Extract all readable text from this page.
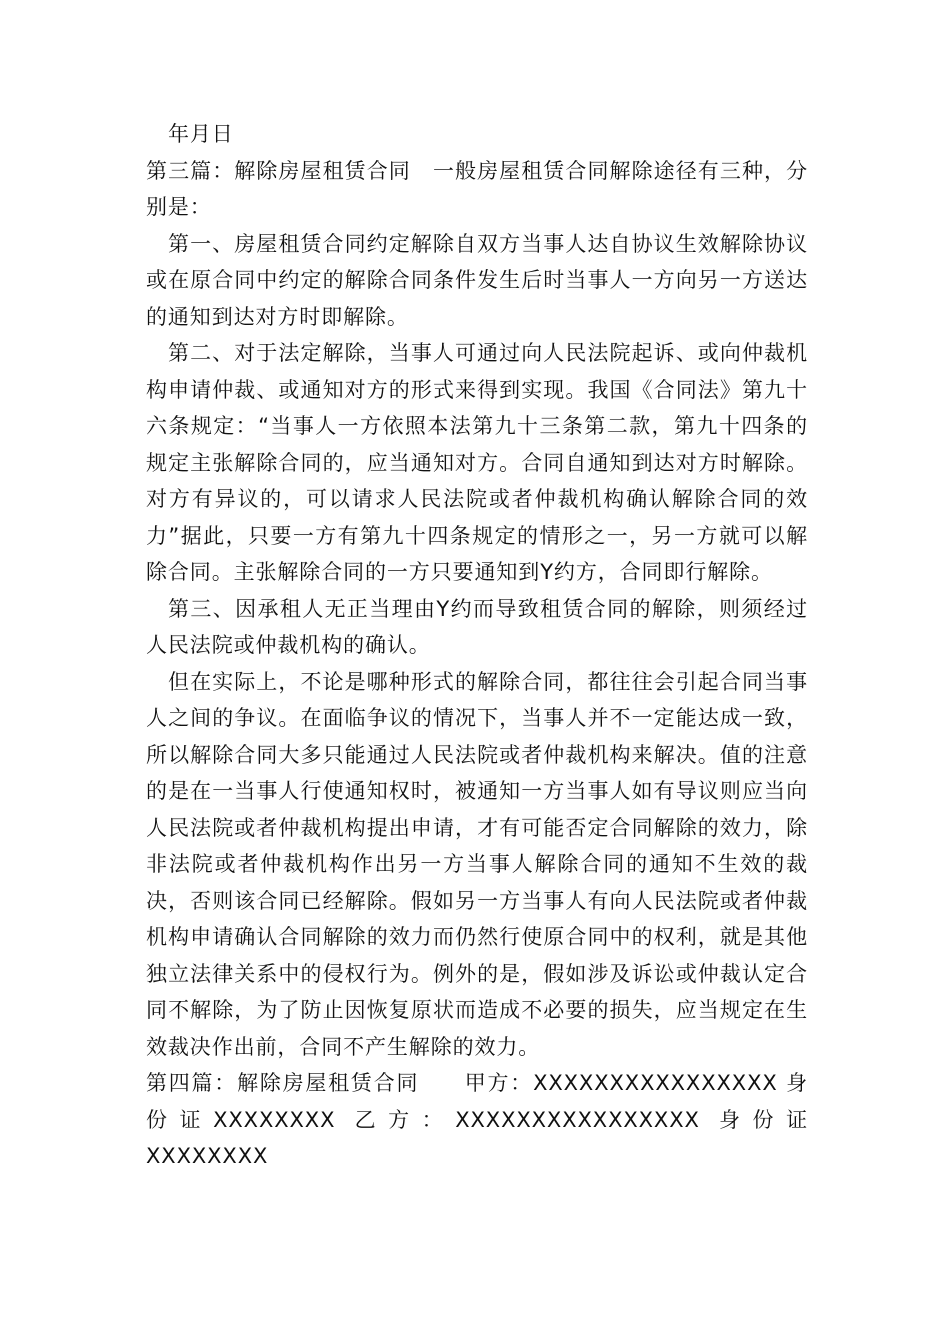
年月日

第三篇：解除房屋租赁合同　一般房屋租赁合同解除途径有三种，分别是：

第一、房屋租赁合同约定解除自双方当事人达自协议生效解除协议或在原合同中约定的解除合同条件发生后时当事人一方向另一方送达的通知到达对方时即解除。

第二、对于法定解除，当事人可通过向人民法院起诉、或向仲裁机构申请仲裁、或通知对方的形式来得到实现。我国《合同法》第九十六条规定：“当事人一方依照本法第九十三条第二款，第九十四条的规定主张解除合同的，应当通知对方。合同自通知到达对方时解除。对方有异议的，可以请求人民法院或者仲裁机构确认解除合同的效力”据此，只要一方有第九十四条规定的情形之一，另一方就可以解除合同。主张解除合同的一方只要通知到Y约方，合同即行解除。

第三、因承租人无正当理由Y约而导致租赁合同的解除，则须经过人民法院或仲裁机构的确认。

但在实际上，不论是哪种形式的解除合同，都往往会引起合同当事人之间的争议。在面临争议的情况下，当事人并不一定能达成一致，所以解除合同大多只能通过人民法院或者仲裁机构来解决。值的注意的是在一当事人行使通知权时，被通知一方当事人如有导议则应当向人民法院或者仲裁机构提出申请，才有可能否定合同解除的效力，除非法院或者仲裁机构作出另一方当事人解除合同的通知不生效的裁决，否则该合同已经解除。假如另一方当事人有向人民法院或者仲裁机构申请确认合同解除的效力而仍然行使原合同中的权利，就是其他独立法律关系中的侵权行为。例外的是，假如涉及诉讼或仲裁认定合同不解除，为了防止因恢复原状而造成不必要的损失，应当规定在生效裁决作出前，合同不产生解除的效力。

第四篇：解除房屋租赁合同　　甲方：XXXXXXXXXXXXXXXX 身份证XXXXXXXX 乙方：XXXXXXXXXXXXXXXX 身份证 XXXXXXXX
